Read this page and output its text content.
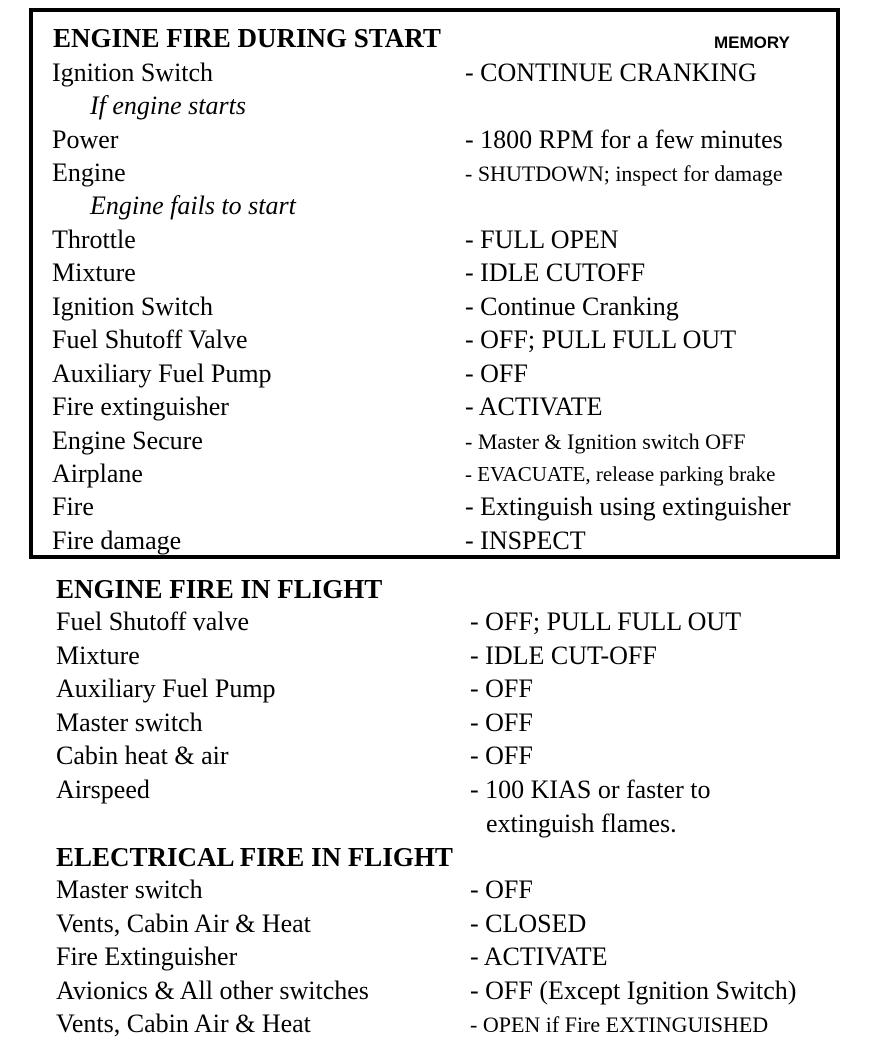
ENGINE FIRE DURING START	MEMORY
Ignition Switch	- CONTINUE CRANKING
If engine starts
Power	- 1800 RPM for a few minutes
Engine	- SHUTDOWN; inspect for damage
Engine fails to start
Throttle	- FULL OPEN
Mixture	- IDLE CUTOFF
Ignition Switch	- Continue Cranking
Fuel Shutoff Valve	- OFF; PULL FULL OUT
Auxiliary Fuel Pump	- OFF
Fire extinguisher	- ACTIVATE
Engine Secure	- Master & Ignition switch OFF
Airplane	- EVACUATE, release parking brake
Fire	- Extinguish using extinguisher
Fire damage	- INSPECT
ENGINE FIRE IN FLIGHT
Fuel Shutoff valve	- OFF; PULL FULL OUT
Mixture	- IDLE CUT-OFF
Auxiliary Fuel Pump	- OFF
Master switch	- OFF
Cabin heat & air	- OFF
Airspeed	- 100 KIAS or faster to
extinguish flames.
ELECTRICAL FIRE IN FLIGHT
Master switch	- OFF
Vents, Cabin Air & Heat	- CLOSED
Fire Extinguisher	- ACTIVATE
Avionics & All other switches	- OFF (Except Ignition Switch)
Vents, Cabin Air & Heat	- OPEN if Fire EXTINGUISHED
